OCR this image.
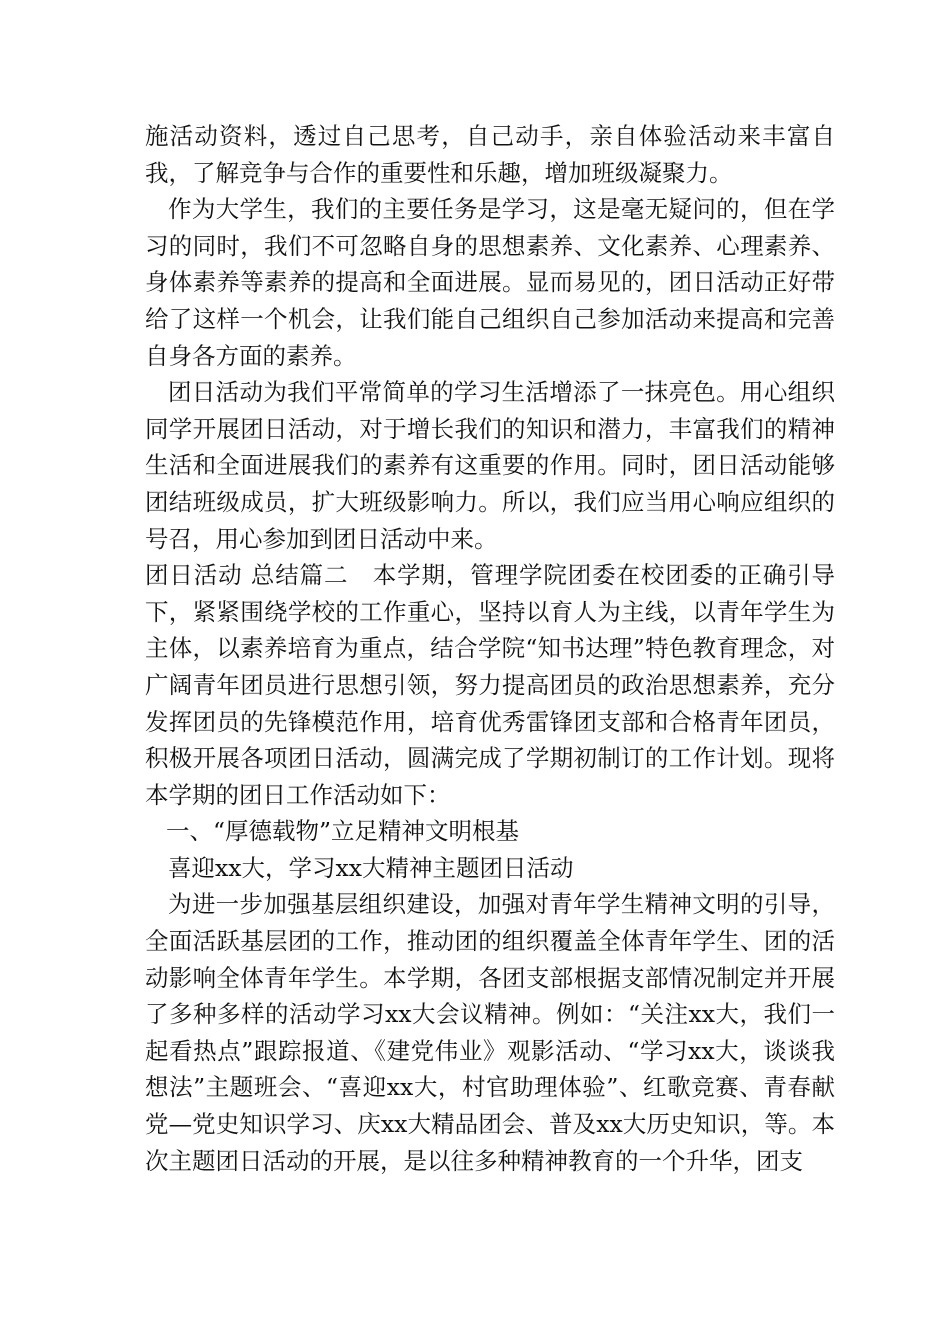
施活动资料，透过自己思考，自己动手，亲自体验活动来丰富自我，了解竞争与合作的重要性和乐趣，增加班级凝聚力。

作为大学生，我们的主要任务是学习，这是毫无疑问的，但在学习的同时，我们不可忽略自身的思想素养、文化素养、心理素养、身体素养等素养的提高和全面进展。显而易见的，团日活动正好带给了这样一个机会，让我们能自己组织自己参加活动来提高和完善自身各方面的素养。

团日活动为我们平常简单的学习生活增添了一抹亮色。用心组织同学开展团日活动，对于增长我们的知识和潜力，丰富我们的精神生活和全面进展我们的素养有这重要的作用。同时，团日活动能够团结班级成员，扩大班级影响力。所以，我们应当用心响应组织的号召，用心参加到团日活动中来。

团日活动 总结篇二　本学期，管理学院团委在校团委的正确引导下，紧紧围绕学校的工作重心，坚持以育人为主线，以青年学生为主体，以素养培育为重点，结合学院“知书达理”特色教育理念，对广阔青年团员进行思想引领，努力提高团员的政治思想素养，充分发挥团员的先锋模范作用，培育优秀雷锋团支部和合格青年团员，积极开展各项团日活动，圆满完成了学期初制订的工作计划。现将本学期的团日工作活动如下：

一、“厚德载物”立足精神文明根基

喜迎xx大，学习xx大精神主题团日活动

为进一步加强基层组织建设，加强对青年学生精神文明的引导，全面活跃基层团的工作，推动团的组织覆盖全体青年学生、团的活动影响全体青年学生。本学期，各团支部根据支部情况制定并开展了多种多样的活动学习xx大会议精神。例如：“关注xx大，我们一起看热点”跟踪报道、《建党伟业》观影活动、“学习xx大，谈谈我想法”主题班会、“喜迎xx大，村官助理体验”、红歌竞赛、青春献党—党史知识学习、庆xx大精品团会、普及xx大历史知识，等。本次主题团日活动的开展，是以往多种精神教育的一个升华，团支
